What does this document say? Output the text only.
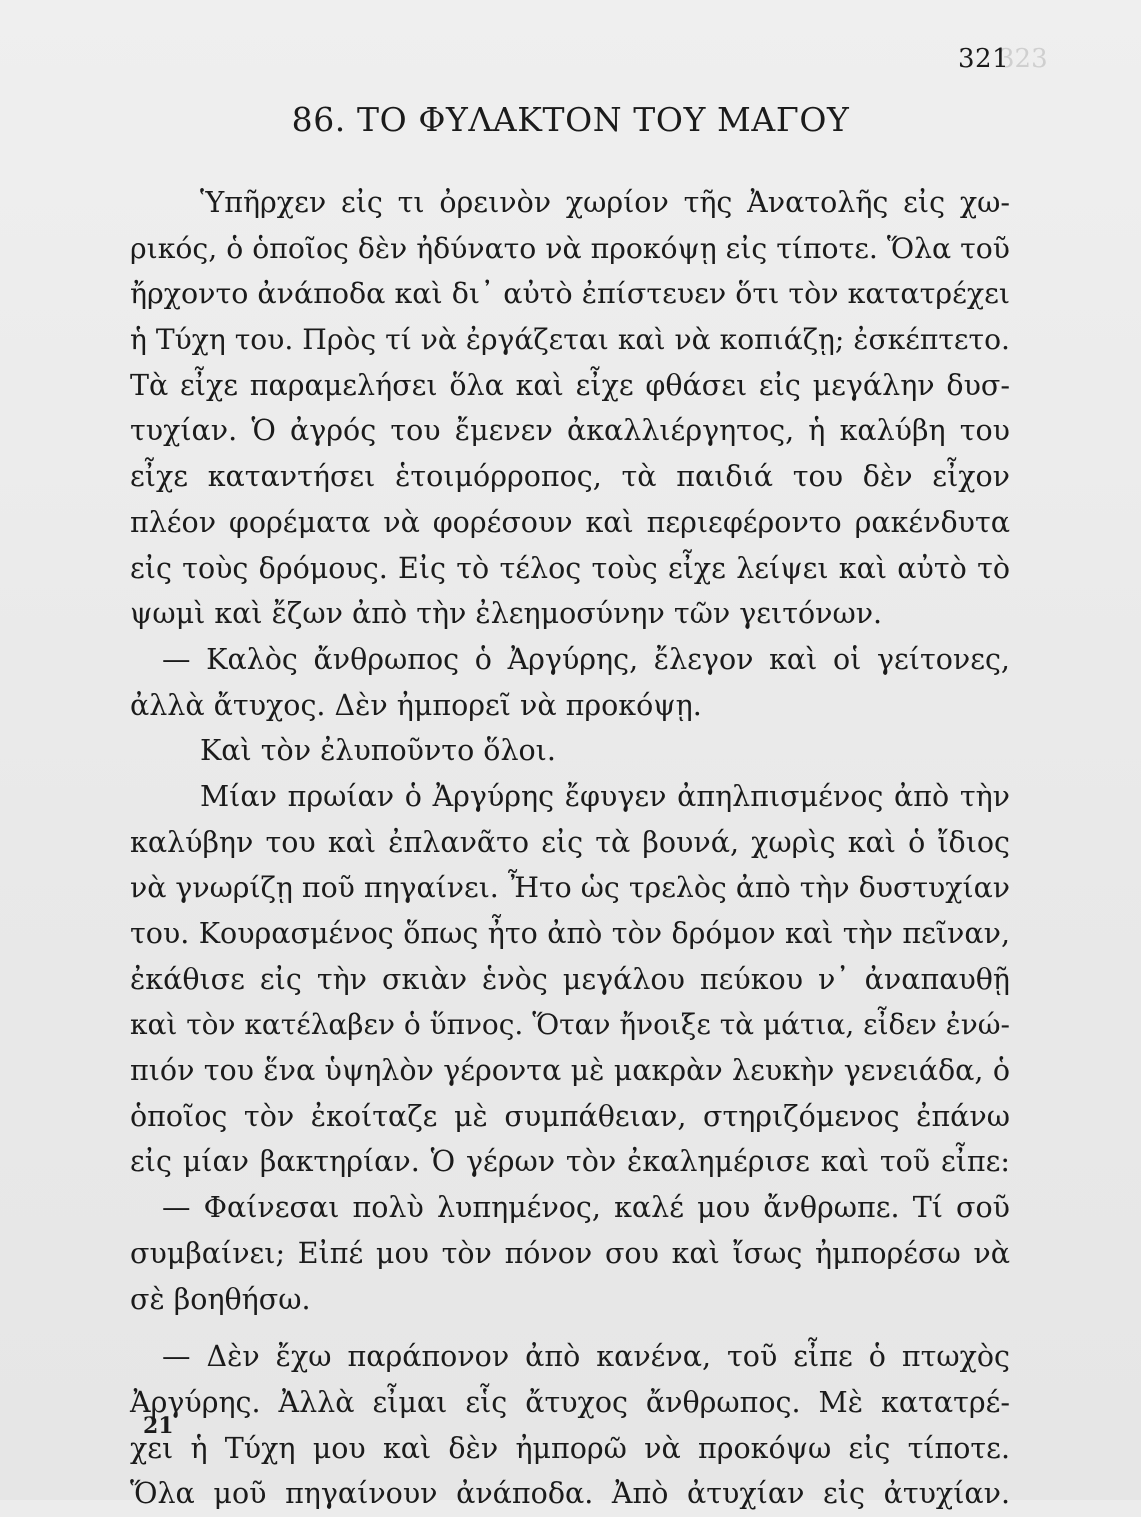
323
321
86. ΤΟ ΦΥΛΑΚΤΟΝ ΤΟΥ ΜΑΓΟΥ
Ὑπῆρχεν εἰς τι ὀρεινὸν χωρίον τῆς Ἀνατολῆς εἰς χω-
ρικός, ὁ ὁποῖος δὲν ἠδύνατο νὰ προκόψῃ εἰς τίποτε. Ὅλα τοῦ
ἤρχοντο ἀνάποδα καὶ δι᾽ αὐτὸ ἐπίστευεν ὅτι τὸν κατατρέχει
ἡ Τύχη του. Πρὸς τί νὰ ἐργάζεται καὶ νὰ κοπιάζῃ; ἐσκέπτετο.
Τὰ εἶχε παραμελήσει ὅλα καὶ εἶχε φθάσει εἰς μεγάλην δυσ-
τυχίαν. Ὁ ἀγρός του ἔμενεν ἀκαλλιέργητος, ἡ καλύβη του
εἶχε καταντήσει ἑτοιμόρροπος, τὰ παιδιά του δὲν εἶχον
πλέον φορέματα νὰ φορέσουν καὶ περιεφέροντο ρακένδυτα
εἰς τοὺς δρόμους. Εἰς τὸ τέλος τοὺς εἶχε λείψει καὶ αὐτὸ τὸ
ψωμὶ καὶ ἔζων ἀπὸ τὴν ἐλεημοσύνην τῶν γειτόνων.
— Καλὸς ἄνθρωπος ὁ Ἀργύρης, ἔλεγον καὶ οἱ γείτονες,
ἀλλὰ ἄτυχος. Δὲν ἠμπορεῖ νὰ προκόψῃ.
Καὶ τὸν ἐλυποῦντο ὅλοι.
Μίαν πρωίαν ὁ Ἀργύρης ἔφυγεν ἀπηλπισμένος ἀπὸ τὴν
καλύβην του καὶ ἐπλανᾶτο εἰς τὰ βουνά, χωρὶς καὶ ὁ ἴδιος
νὰ γνωρίζῃ ποῦ πηγαίνει. Ἦτο ὡς τρελὸς ἀπὸ τὴν δυστυχίαν
του. Κουρασμένος ὅπως ἦτο ἀπὸ τὸν δρόμον καὶ τὴν πεῖναν,
ἐκάθισε εἰς τὴν σκιὰν ἑνὸς μεγάλου πεύκου ν᾽ ἀναπαυθῇ
καὶ τὸν κατέλαβεν ὁ ὕπνος. Ὅταν ἤνοιξε τὰ μάτια, εἶδεν ἐνώ-
πιόν του ἕνα ὑψηλὸν γέροντα μὲ μακρὰν λευκὴν γενειάδα, ὁ
ὁποῖος τὸν ἐκοίταζε μὲ συμπάθειαν, στηριζόμενος ἐπάνω
εἰς μίαν βακτηρίαν. Ὁ γέρων τὸν ἐκαλημέρισε καὶ τοῦ εἶπε:
— Φαίνεσαι πολὺ λυπημένος, καλέ μου ἄνθρωπε. Τί σοῦ
συμβαίνει; Εἰπέ μου τὸν πόνον σου καὶ ἴσως ἠμπορέσω νὰ
σὲ βοηθήσω.
— Δὲν ἔχω παράπονον ἀπὸ κανένα, τοῦ εἶπε ὁ πτωχὸς
Ἀργύρης. Ἀλλὰ εἶμαι εἷς ἄτυχος ἄνθρωπος. Μὲ κατατρέ-
χει ἡ Τύχη μου καὶ δὲν ἠμπορῶ νὰ προκόψω εἰς τίποτε.
Ὅλα μοῦ πηγαίνουν ἀνάποδα. Ἀπὸ ἀτυχίαν εἰς ἀτυχίαν.
21
